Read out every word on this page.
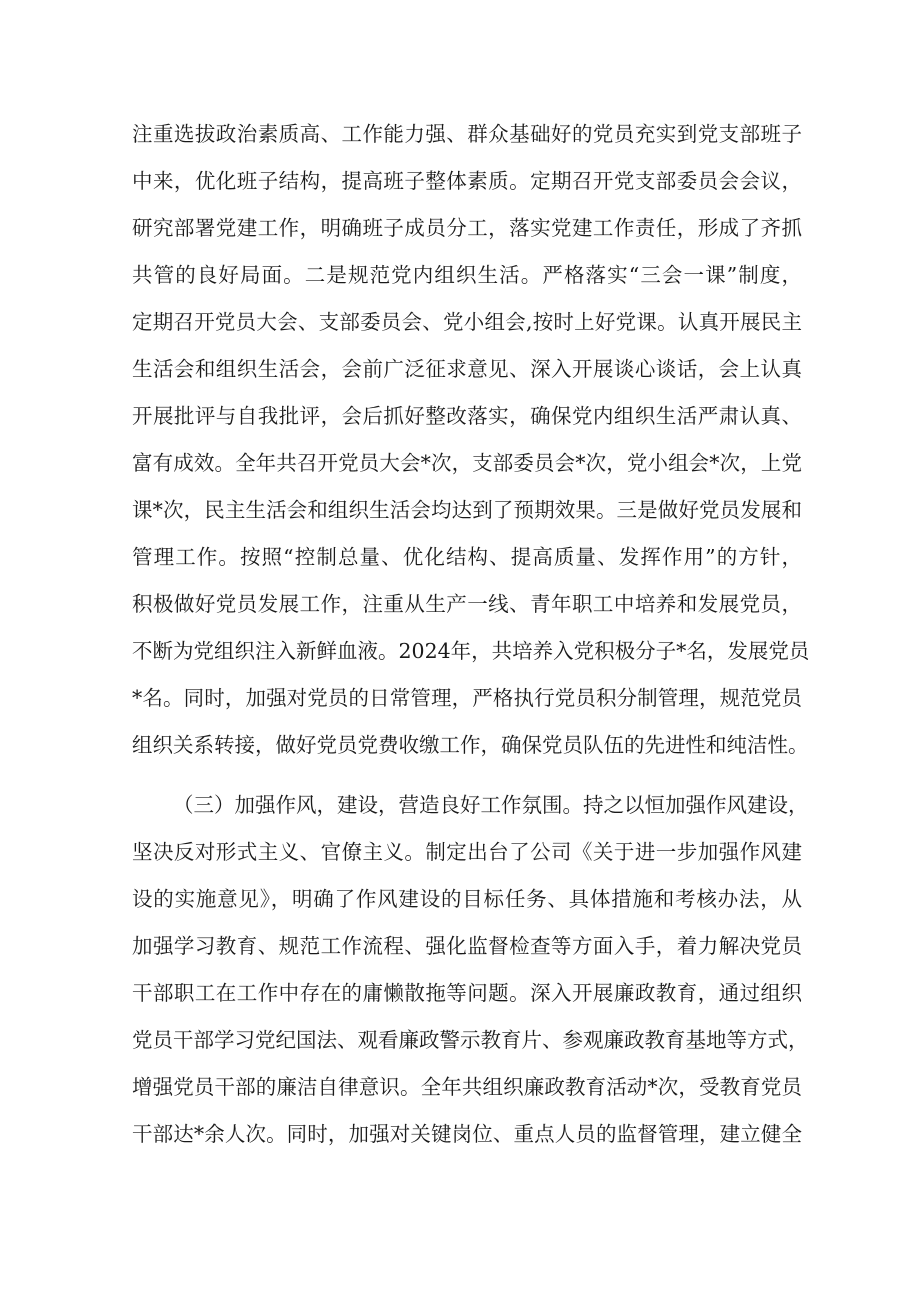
注重选拔政治素质高、工作能力强、群众基础好的党员充实到党支部班子
中来，优化班子结构，提高班子整体素质。定期召开党支部委员会会议，
研究部署党建工作，明确班子成员分工，落实党建工作责任，形成了齐抓
共管的良好局面。二是规范党内组织生活。严格落实“三会一课”制度，
定期召开党员大会、支部委员会、党小组会,按时上好党课。认真开展民主
生活会和组织生活会，会前广泛征求意见、深入开展谈心谈话，会上认真
开展批评与自我批评，会后抓好整改落实，确保党内组织生活严肃认真、
富有成效。全年共召开党员大会*次，支部委员会*次，党小组会*次，上党
课*次，民主生活会和组织生活会均达到了预期效果。三是做好党员发展和
管理工作。按照“控制总量、优化结构、提高质量、发挥作用”的方针，
积极做好党员发展工作，注重从生产一线、青年职工中培养和发展党员，
不断为党组织注入新鲜血液。2024年，共培养入党积极分子*名，发展党员
*名。同时，加强对党员的日常管理，严格执行党员积分制管理，规范党员
组织关系转接，做好党员党费收缴工作，确保党员队伍的先进性和纯洁性。
（三）加强作风，建设，营造良好工作氛围。持之以恒加强作风建设，
坚决反对形式主义、官僚主义。制定出台了公司《关于进一步加强作风建
设的实施意见》，明确了作风建设的目标任务、具体措施和考核办法，从
加强学习教育、规范工作流程、强化监督检查等方面入手，着力解决党员
干部职工在工作中存在的庸懒散拖等问题。深入开展廉政教育，通过组织
党员干部学习党纪国法、观看廉政警示教育片、参观廉政教育基地等方式，
增强党员干部的廉洁自律意识。全年共组织廉政教育活动*次，受教育党员
干部达*余人次。同时，加强对关键岗位、重点人员的监督管理，建立健全
